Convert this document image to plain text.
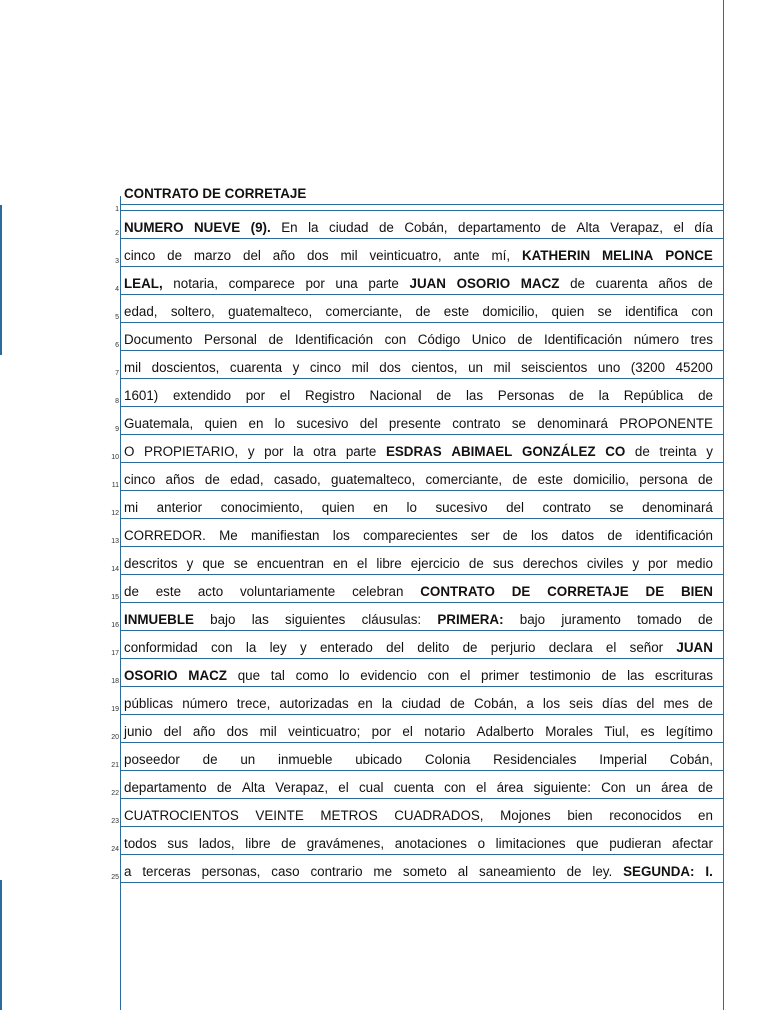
CONTRATO DE CORRETAJE
1
2 NUMERO NUEVE (9). En la ciudad de Cobán, departamento de Alta Verapaz, el día
3 cinco de marzo del año dos mil veinticuatro, ante mí, KATHERIN MELINA PONCE
4 LEAL, notaria, comparece por una parte JUAN OSORIO MACZ de cuarenta años de
5 edad, soltero, guatemalteco, comerciante, de este domicilio, quien se identifica con
6 Documento Personal de Identificación con Código Unico de Identificación número tres
7 mil doscientos, cuarenta y cinco mil dos cientos, un mil seiscientos uno (3200 45200
8 1601) extendido por el Registro Nacional de las Personas de la República de
9 Guatemala, quien en lo sucesivo del presente contrato se denominará PROPONENTE
10 O PROPIETARIO, y por la otra parte ESDRAS ABIMAEL GONZÁLEZ CO de treinta y
11 cinco años de edad, casado, guatemalteco, comerciante, de este domicilio, persona de
12 mi anterior conocimiento, quien en lo sucesivo del contrato se denominará
13 CORREDOR. Me manifiestan los comparecientes ser de los datos de identificación
14 descritos y que se encuentran en el libre ejercicio de sus derechos civiles y por medio
15 de este acto voluntariamente celebran CONTRATO DE CORRETAJE DE BIEN
16 INMUEBLE bajo las siguientes cláusulas: PRIMERA: bajo juramento tomado de
17 conformidad con la ley y enterado del delito de perjurio declara el señor JUAN
18 OSORIO MACZ que tal como lo evidencio con el primer testimonio de las escrituras
19 públicas número trece, autorizadas en la ciudad de Cobán, a los seis días del mes de
20 junio del año dos mil veinticuatro; por el notario Adalberto Morales Tiul, es legítimo
21 poseedor de un inmueble ubicado Colonia Residenciales Imperial Cobán,
22 departamento de Alta Verapaz, el cual cuenta con el área siguiente: Con un área de
23 CUATROCIENTOS VEINTE METROS CUADRADOS, Mojones bien reconocidos en
24 todos sus lados, libre de gravámenes, anotaciones o limitaciones que pudieran afectar
25 a terceras personas, caso contrario me someto al saneamiento de ley. SEGUNDA: I.
